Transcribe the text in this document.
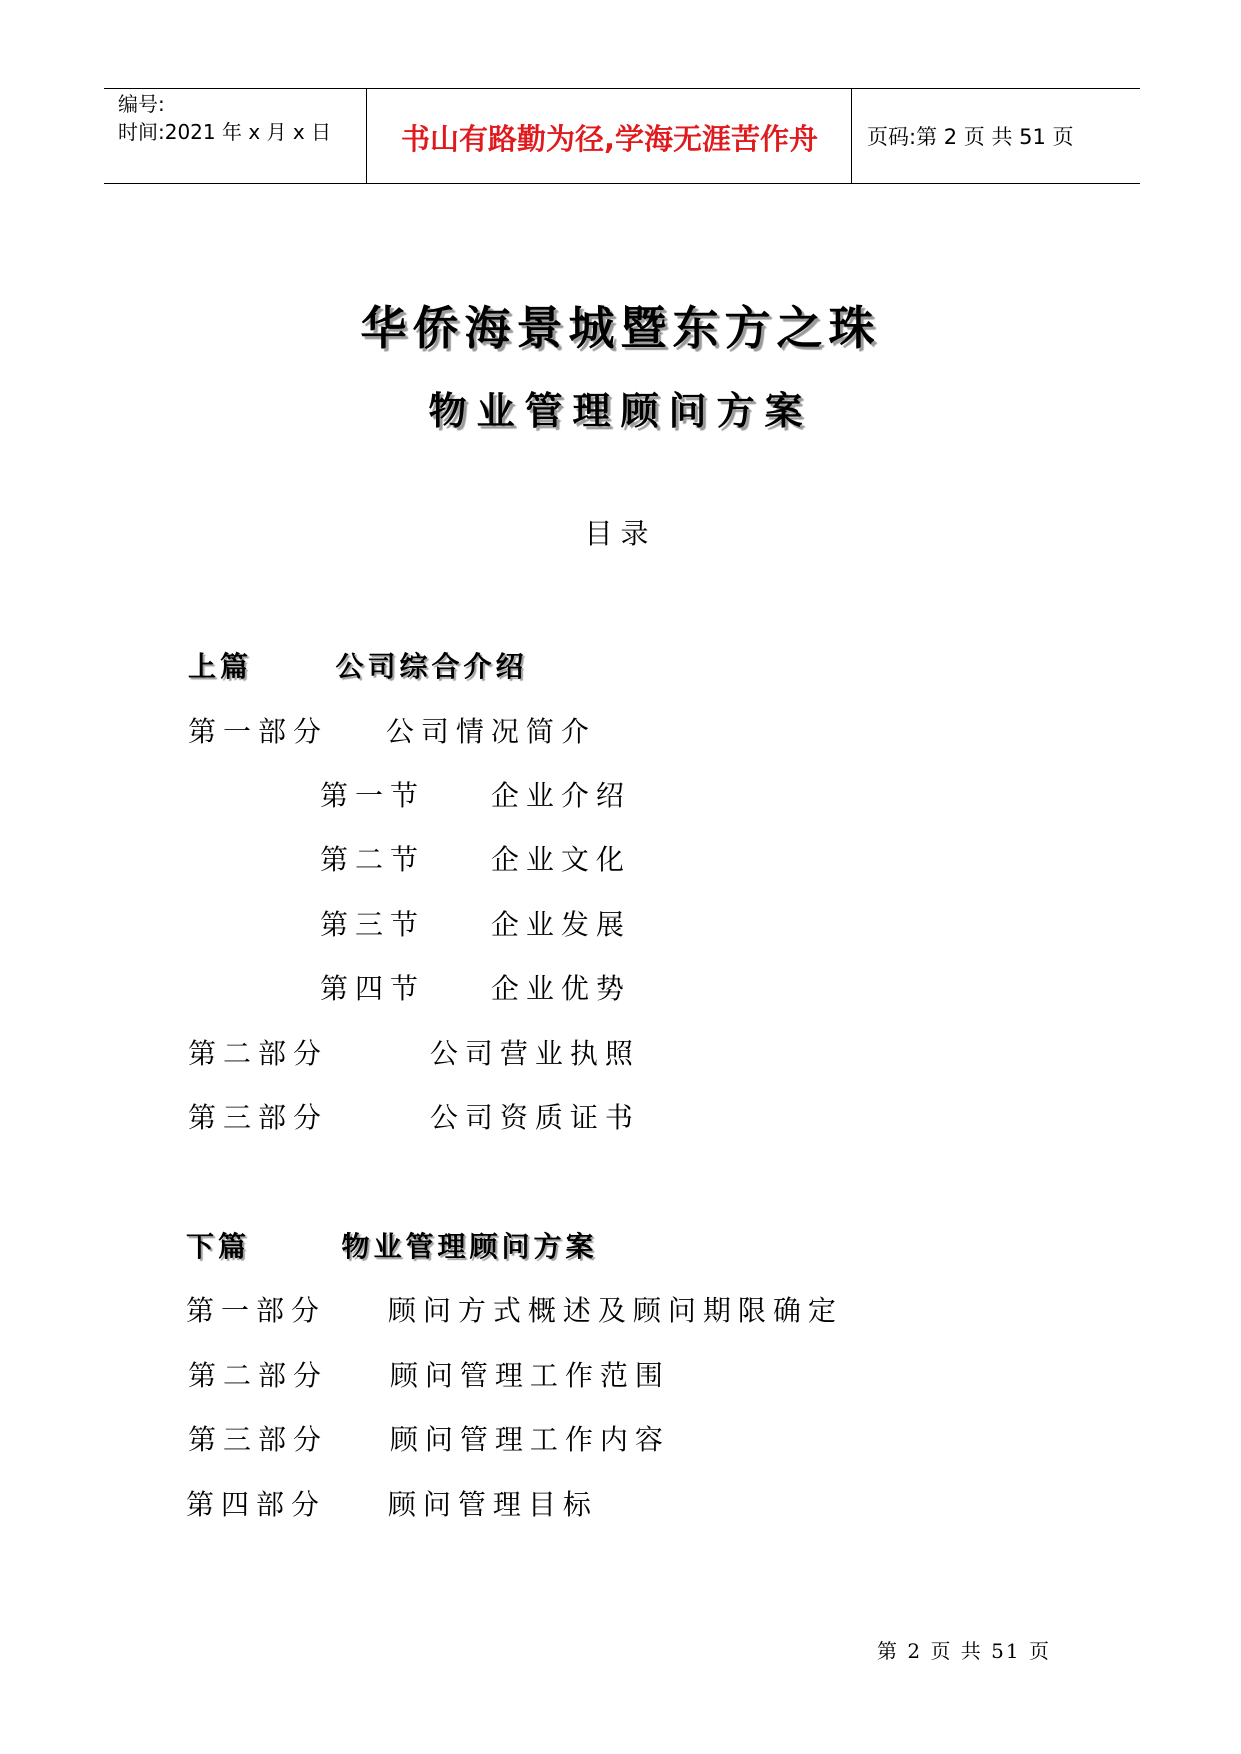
编号:
时间:2021 年 x 月 x 日	书山有路勤为径,学海无涯苦作舟	页码:第 2 页 共 51 页
华侨海景城暨东方之珠
物业管理顾问方案
目录
上篇	公司综合介绍
第一部分 公司情况简介
第一节 企业介绍
第二节 企业文化
第三节 企业发展
第四节 企业优势
第二部分	公司营业执照
第三部分	公司资质证书
下篇	物业管理顾问方案
第一部分 顾问方式概述及顾问期限确定
第二部分 顾问管理工作范围
第三部分 顾问管理工作内容
第四部分 顾问管理目标
第 2 页 共 51 页
